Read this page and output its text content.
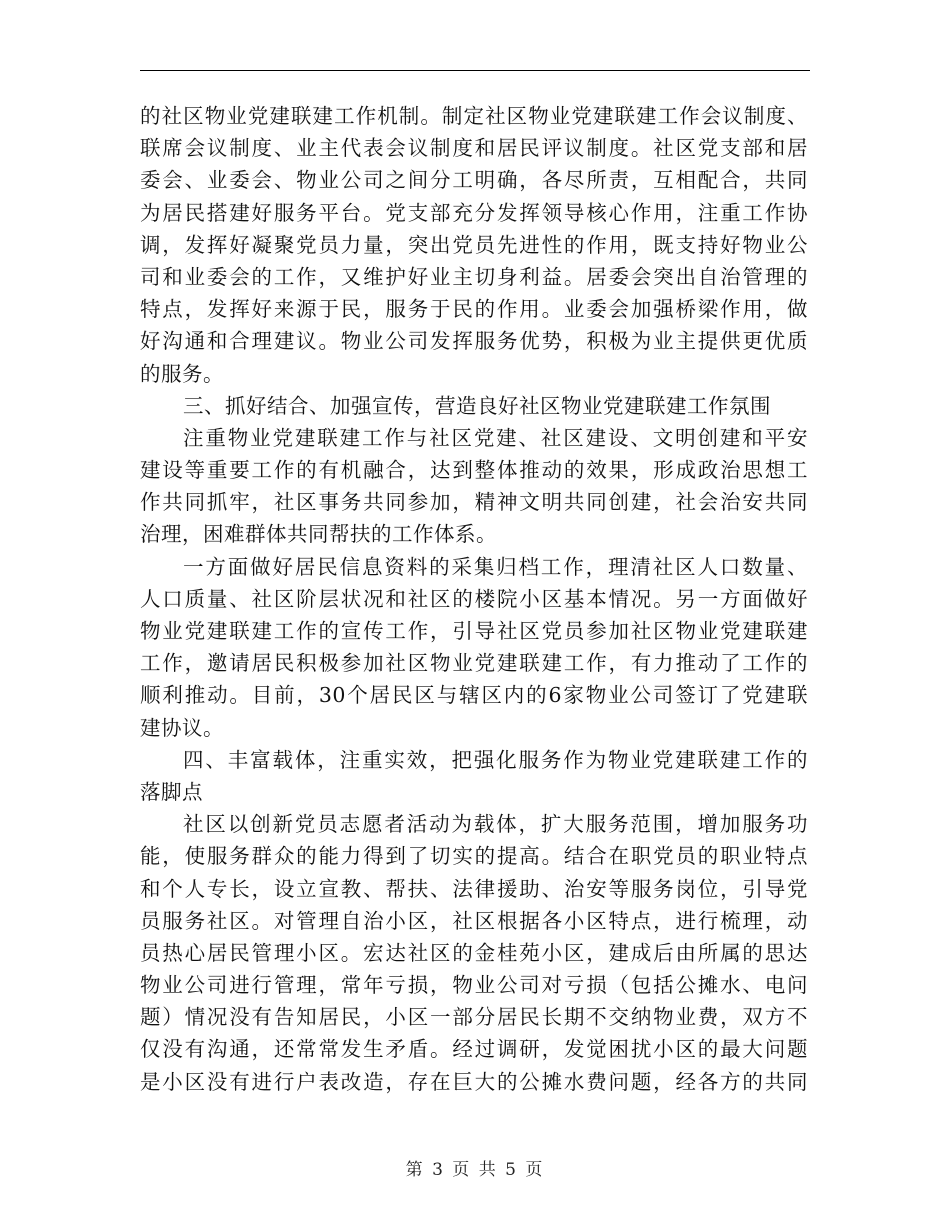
的社区物业党建联建工作机制。制定社区物业党建联建工作会议制度、
联席会议制度、业主代表会议制度和居民评议制度。社区党支部和居
委会、业委会、物业公司之间分工明确，各尽所责，互相配合，共同
为居民搭建好服务平台。党支部充分发挥领导核心作用，注重工作协
调，发挥好凝聚党员力量，突出党员先进性的作用，既支持好物业公
司和业委会的工作，又维护好业主切身利益。居委会突出自治管理的
特点，发挥好来源于民，服务于民的作用。业委会加强桥梁作用，做
好沟通和合理建议。物业公司发挥服务优势，积极为业主提供更优质
的服务。
三、抓好结合、加强宣传，营造良好社区物业党建联建工作氛围
注重物业党建联建工作与社区党建、社区建设、文明创建和平安
建设等重要工作的有机融合，达到整体推动的效果，形成政治思想工
作共同抓牢，社区事务共同参加，精神文明共同创建，社会治安共同
治理，困难群体共同帮扶的工作体系。
一方面做好居民信息资料的采集归档工作，理清社区人口数量、
人口质量、社区阶层状况和社区的楼院小区基本情况。另一方面做好
物业党建联建工作的宣传工作，引导社区党员参加社区物业党建联建
工作，邀请居民积极参加社区物业党建联建工作，有力推动了工作的
顺利推动。目前，30个居民区与辖区内的6家物业公司签订了党建联
建协议。
四、丰富载体，注重实效，把强化服务作为物业党建联建工作的
落脚点
社区以创新党员志愿者活动为载体，扩大服务范围，增加服务功
能，使服务群众的能力得到了切实的提高。结合在职党员的职业特点
和个人专长，设立宣教、帮扶、法律援助、治安等服务岗位，引导党
员服务社区。对管理自治小区，社区根据各小区特点，进行梳理，动
员热心居民管理小区。宏达社区的金桂苑小区，建成后由所属的思达
物业公司进行管理，常年亏损，物业公司对亏损（包括公摊水、电问
题）情况没有告知居民，小区一部分居民长期不交纳物业费，双方不
仅没有沟通，还常常发生矛盾。经过调研，发觉困扰小区的最大问题
是小区没有进行户表改造，存在巨大的公摊水费问题，经各方的共同
第 3 页 共 5 页
